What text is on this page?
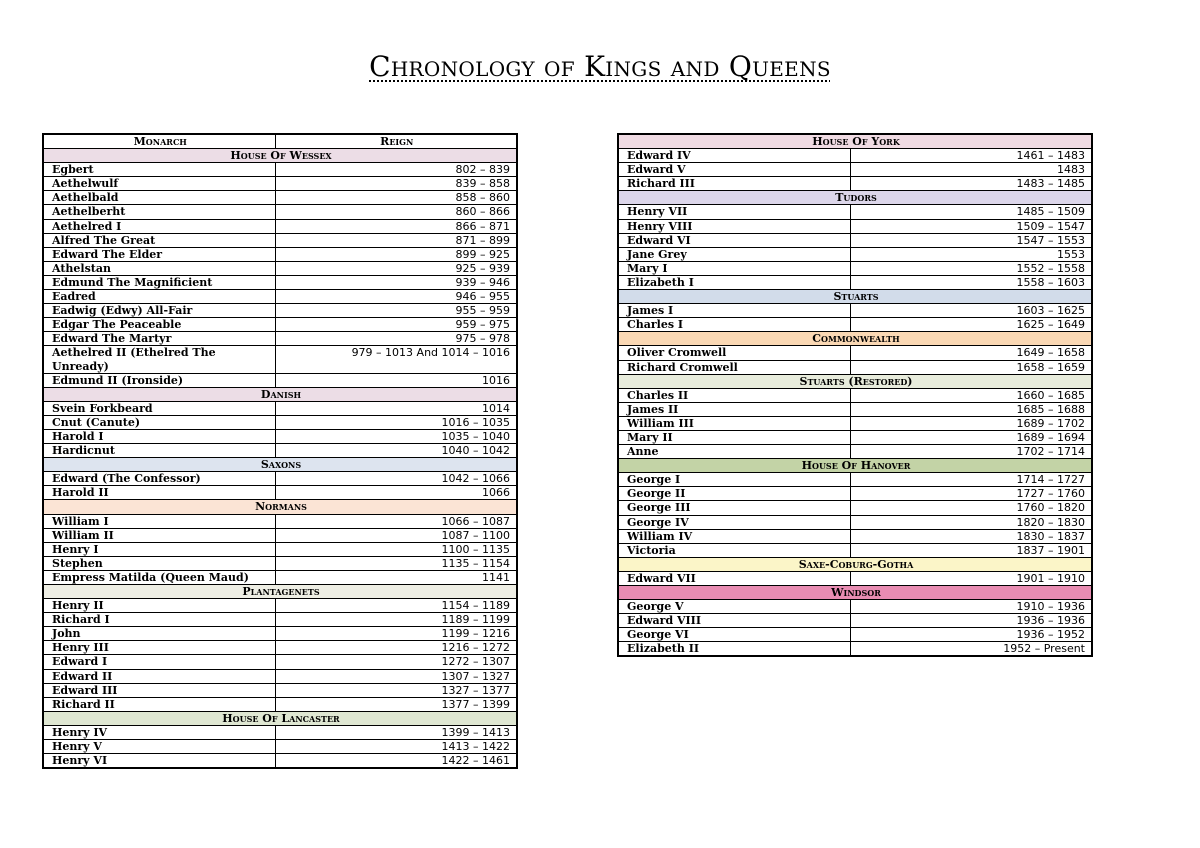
Chronology of Kings and Queens
Monarch	Reign
House Of Wessex	
Egbert	802 – 839
Aethelwulf	839 – 858
Aethelbald	858 – 860
Aethelberht	860 – 866
Aethelred I	866 – 871
Alfred The Great	871 – 899
Edward The Elder	899 – 925
Athelstan	925 – 939
Edmund The Magnificient	939 – 946
Eadred	946 – 955
Eadwig (Edwy) All-Fair	955 – 959
Edgar The Peaceable	959 – 975
Edward The Martyr	975 – 978
Aethelred II (Ethelred The Unready)	979 – 1013 And 1014 – 1016
Edmund II (Ironside)	1016
Danish	
Svein Forkbeard	1014
Cnut (Canute)	1016 – 1035
Harold I	1035 – 1040
Hardicnut	1040 – 1042
Saxons	
Edward (The Confessor)	1042 – 1066
Harold II	1066
Normans	
William I	1066 – 1087
William II	1087 – 1100
Henry I	1100 – 1135
Stephen	1135 – 1154
Empress Matilda (Queen Maud)	1141
Plantagenets	
Henry II	1154 – 1189
Richard I	1189 – 1199
John	1199 – 1216
Henry III	1216 – 1272
Edward I	1272 – 1307
Edward II	1307 – 1327
Edward III	1327 – 1377
Richard II	1377 – 1399
House Of Lancaster	
Henry IV	1399 – 1413
Henry V	1413 – 1422
Henry VI	1422 – 1461
House Of York	
Edward IV	1461 – 1483
Edward V	1483
Richard III	1483 – 1485
Tudors	
Henry VII	1485 – 1509
Henry VIII	1509 – 1547
Edward VI	1547 – 1553
Jane Grey	1553
Mary I	1552 – 1558
Elizabeth I	1558 – 1603
Stuarts	
James I	1603 – 1625
Charles I	1625 – 1649
Commonwealth	
Oliver Cromwell	1649 – 1658
Richard Cromwell	1658 – 1659
Stuarts (Restored)	
Charles II	1660 – 1685
James II	1685 – 1688
William III	1689 – 1702
Mary II	1689 – 1694
Anne	1702 – 1714
House Of Hanover	
George I	1714 – 1727
George II	1727 – 1760
George III	1760 – 1820
George IV	1820 – 1830
William IV	1830 – 1837
Victoria	1837 – 1901
Saxe-Coburg-Gotha	
Edward VII	1901 – 1910
Windsor	
George V	1910 – 1936
Edward VIII	1936 – 1936
George VI	1936 – 1952
Elizabeth II	1952 – Present
